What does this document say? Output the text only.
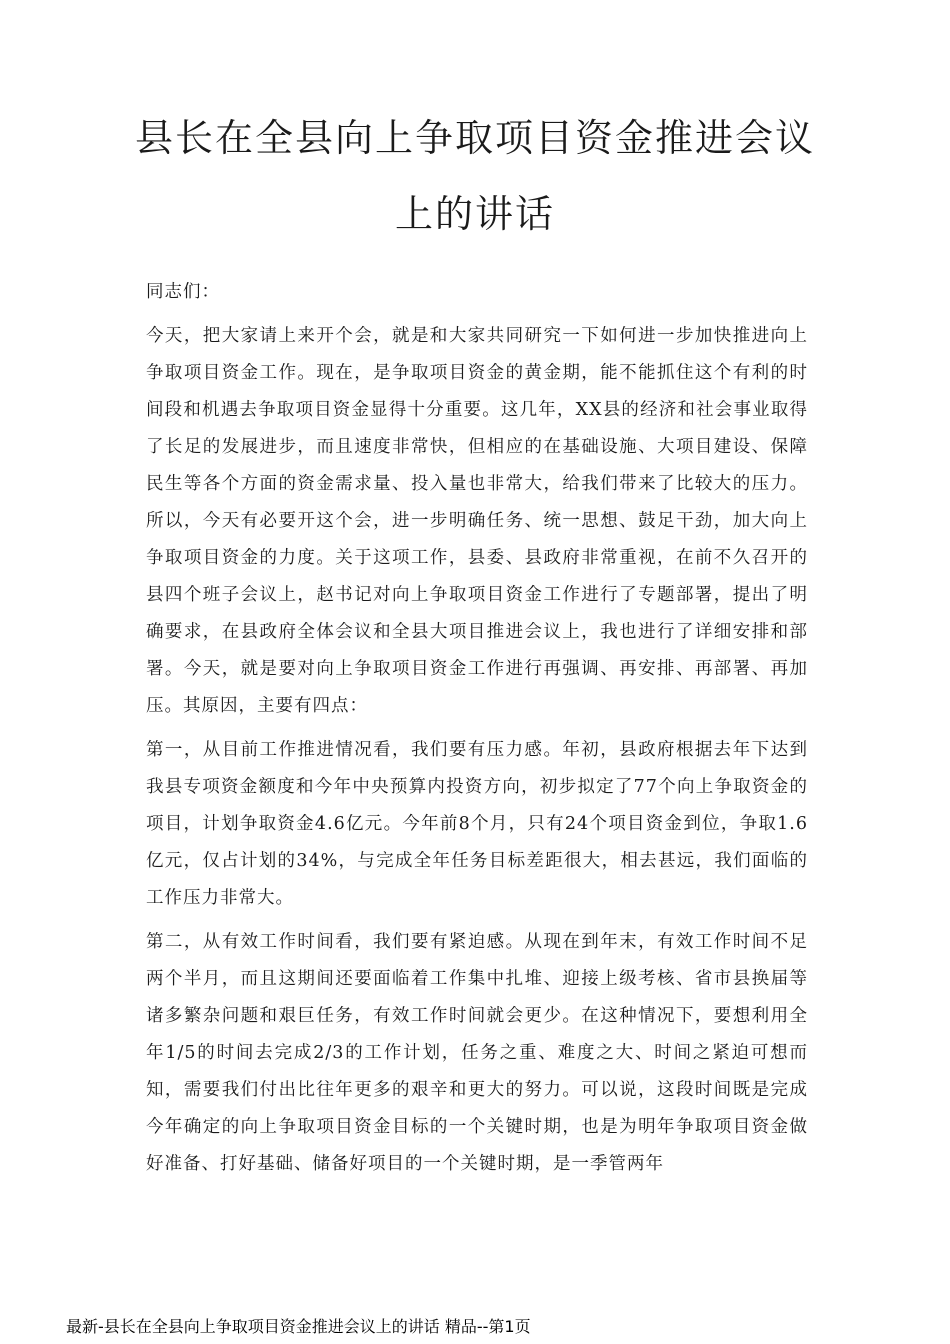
县长在全县向上争取项目资金推进会议
上的讲话

同志们：

今天，把大家请上来开个会，就是和大家共同研究一下如何进一步加快推进向上争取项目资金工作。现在，是争取项目资金的黄金期，能不能抓住这个有利的时间段和机遇去争取项目资金显得十分重要。这几年，XX县的经济和社会事业取得了长足的发展进步，而且速度非常快，但相应的在基础设施、大项目建设、保障民生等各个方面的资金需求量、投入量也非常大，给我们带来了比较大的压力。所以，今天有必要开这个会，进一步明确任务、统一思想、鼓足干劲，加大向上争取项目资金的力度。关于这项工作，县委、县政府非常重视，在前不久召开的县四个班子会议上，赵书记对向上争取项目资金工作进行了专题部署，提出了明确要求，在县政府全体会议和全县大项目推进会议上，我也进行了详细安排和部署。今天，就是要对向上争取项目资金工作进行再强调、再安排、再部署、再加压。其原因，主要有四点：

第一，从目前工作推进情况看，我们要有压力感。年初，县政府根据去年下达到我县专项资金额度和今年中央预算内投资方向，初步拟定了77个向上争取资金的项目，计划争取资金4.6亿元。今年前8个月，只有24个项目资金到位，争取1.6亿元，仅占计划的34%，与完成全年任务目标差距很大，相去甚远，我们面临的工作压力非常大。

第二，从有效工作时间看，我们要有紧迫感。从现在到年末，有效工作时间不足两个半月，而且这期间还要面临着工作集中扎堆、迎接上级考核、省市县换届等诸多繁杂问题和艰巨任务，有效工作时间就会更少。在这种情况下，要想利用全年1/5的时间去完成2/3的工作计划，任务之重、难度之大、时间之紧迫可想而知，需要我们付出比往年更多的艰辛和更大的努力。可以说，这段时间既是完成今年确定的向上争取项目资金目标的一个关键时期，也是为明年争取项目资金做好准备、打好基础、储备好项目的一个关键时期，是一季管两年

最新-县长在全县向上争取项目资金推进会议上的讲话 精品--第1页
